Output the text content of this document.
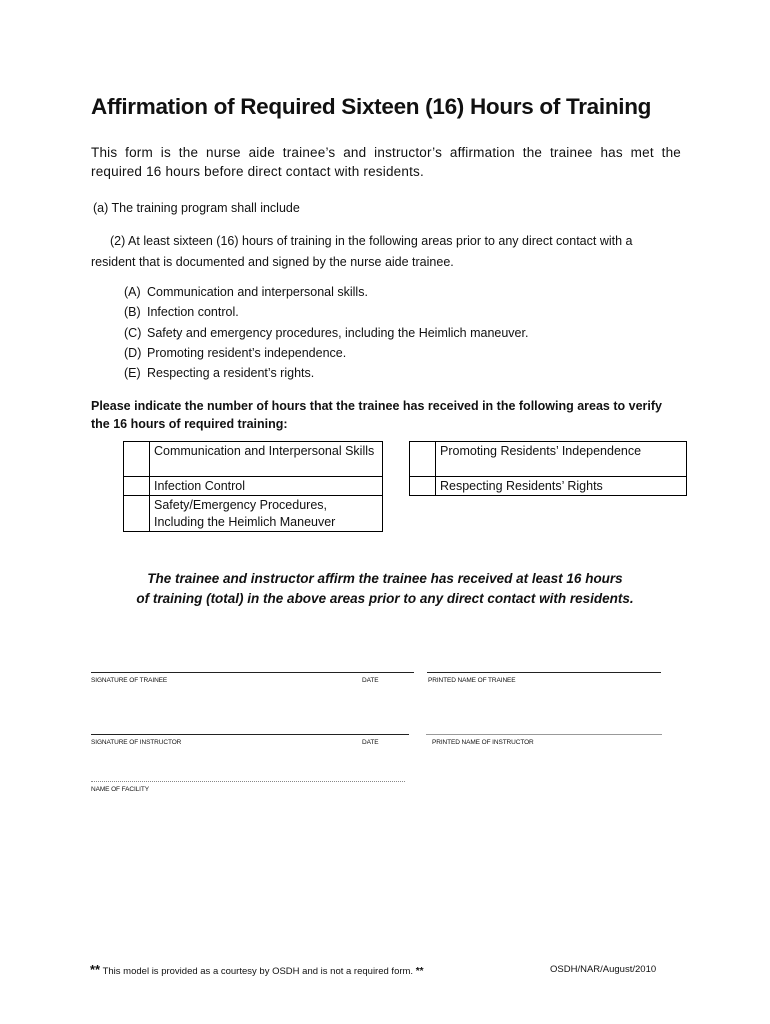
Affirmation of Required Sixteen (16) Hours of Training
This form is the nurse aide trainee’s and instructor’s affirmation the trainee has met the required 16 hours before direct contact with residents.
(a) The training program shall include
(2) At least sixteen (16) hours of training in the following areas prior to any direct contact with a
resident that is documented and signed by the nurse aide trainee.
(A) Communication and interpersonal skills.
(B) Infection control.
(C) Safety and emergency procedures, including the Heimlich maneuver.
(D) Promoting resident’s independence.
(E) Respecting a resident’s rights.
Please indicate the number of hours that the trainee has received in the following areas to verify the 16 hours of required training:
	Communication and Interpersonal Skills
	Infection Control
	Safety/Emergency Procedures, Including the Heimlich Maneuver
	Promoting Residents’ Independence
	Respecting Residents’ Rights
The trainee and instructor affirm the trainee has received at least 16 hours
of training (total) in the above areas prior to any direct contact with residents.
SIGNATURE OF TRAINEE	DATE	PRINTED NAME OF TRAINEE
SIGNATURE OF INSTRUCTOR	DATE	PRINTED NAME OF INSTRUCTOR
NAME OF FACILITY
** This model is provided as a courtesy by OSDH and is not a required form. **	OSDH/NAR/August/2010
